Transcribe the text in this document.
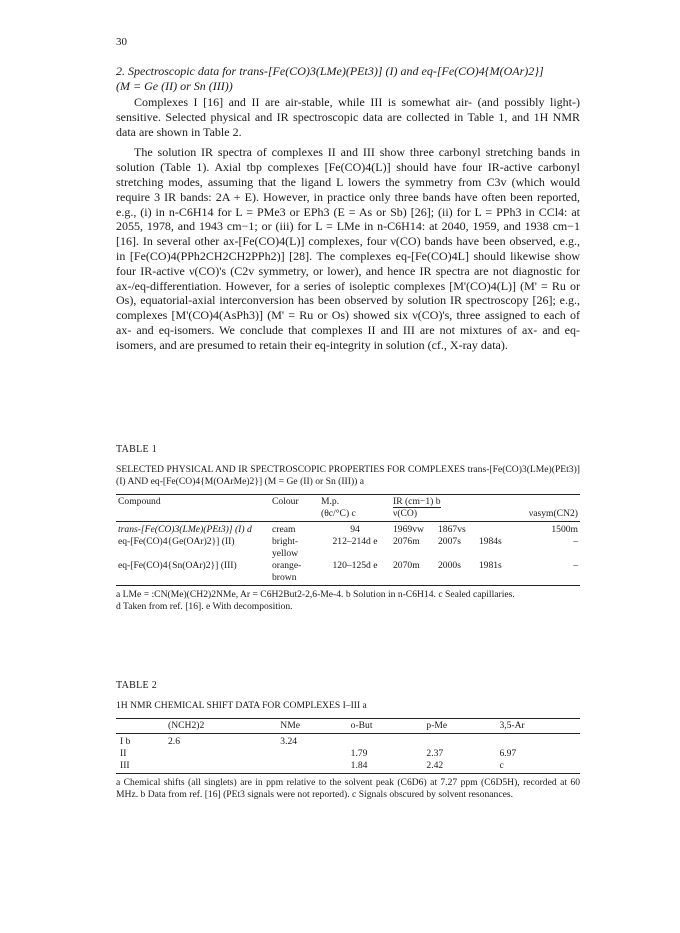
30
2. Spectroscopic data for trans-[Fe(CO)3(LMe)(PEt3)] (I) and eq-[Fe(CO)4{M(OAr)2}]
(M = Ge (II) or Sn (III))

Complexes I [16] and II are air-stable, while III is somewhat air- (and possibly light-) sensitive. Selected physical and IR spectroscopic data are collected in Table 1, and 1H NMR data are shown in Table 2.

The solution IR spectra of complexes II and III show three carbonyl stretching bands in solution (Table 1). Axial tbp complexes [Fe(CO)4(L)] should have four IR-active carbonyl stretching modes, assuming that the ligand L lowers the symmetry from C3v (which would require 3 IR bands: 2A + E). However, in practice only three bands have often been reported, e.g., (i) in n-C6H14 for L = PMe3 or EPh3 (E = As or Sb) [26]; (ii) for L = PPh3 in CCl4: at 2055, 1978, and 1943 cm−1; or (iii) for L = LMe in n-C6H14: at 2040, 1959, and 1938 cm−1 [16]. In several other ax-[Fe(CO)4(L)] complexes, four ν(CO) bands have been observed, e.g., in [Fe(CO)4(PPh2CH2CH2PPh2)] [28]. The complexes eq-[Fe(CO)4L] should likewise show four IR-active ν(CO)'s (C2v symmetry, or lower), and hence IR spectra are not diagnostic for ax-/eq-differentiation. However, for a series of isoleptic complexes [M'(CO)4(L)] (M' = Ru or Os), equatorial-axial interconversion has been observed by solution IR spectroscopy [26]; e.g., complexes [M'(CO)4(AsPh3)] (M' = Ru or Os) showed six ν(CO)'s, three assigned to each of ax- and eq-isomers. We conclude that complexes II and III are not mixtures of ax- and eq-isomers, and are presumed to retain their eq-integrity in solution (cf., X-ray data).

TABLE 1
SELECTED PHYSICAL AND IR SPECTROSCOPIC PROPERTIES FOR COMPLEXES trans-[Fe(CO)3(LMe)(PEt3)] (I) AND eq-[Fe(CO)4{M(OArMe)2}] (M = Ge (II) or Sn (III)) a
Compound	Colour	M.p.	IR (cm−1) b			
		(θc/°C) c	ν(CO)			νasym(CN2)
trans-[Fe(CO)3(LMe)(PEt3)] (I) d	cream	94	1969vw	1867vs		1500m
eq-[Fe(CO)4{Ge(OAr)2}] (II)	bright-yellow	212–214d e	2076m	2007s	1984s	–
eq-[Fe(CO)4{Sn(OAr)2}] (III)	orange-brown	120–125d e	2070m	2000s	1981s	–
a LMe = :CN(Me)(CH2)2NMe, Ar = C6H2But2-2,6-Me-4. b Solution in n-C6H14. c Sealed capillaries.
d Taken from ref. [16]. e With decomposition.
TABLE 2
1H NMR CHEMICAL SHIFT DATA FOR COMPLEXES I–III a
	(NCH2)2	NMe	o-But	p-Me	3,5-Ar
I b	2.6	3.24			
II			1.79	2.37	6.97
III			1.84	2.42	c
a Chemical shifts (all singlets) are in ppm relative to the solvent peak (C6D6) at 7.27 ppm (C6D5H), recorded at 60 MHz. b Data from ref. [16] (PEt3 signals were not reported). c Signals obscured by solvent resonances.
